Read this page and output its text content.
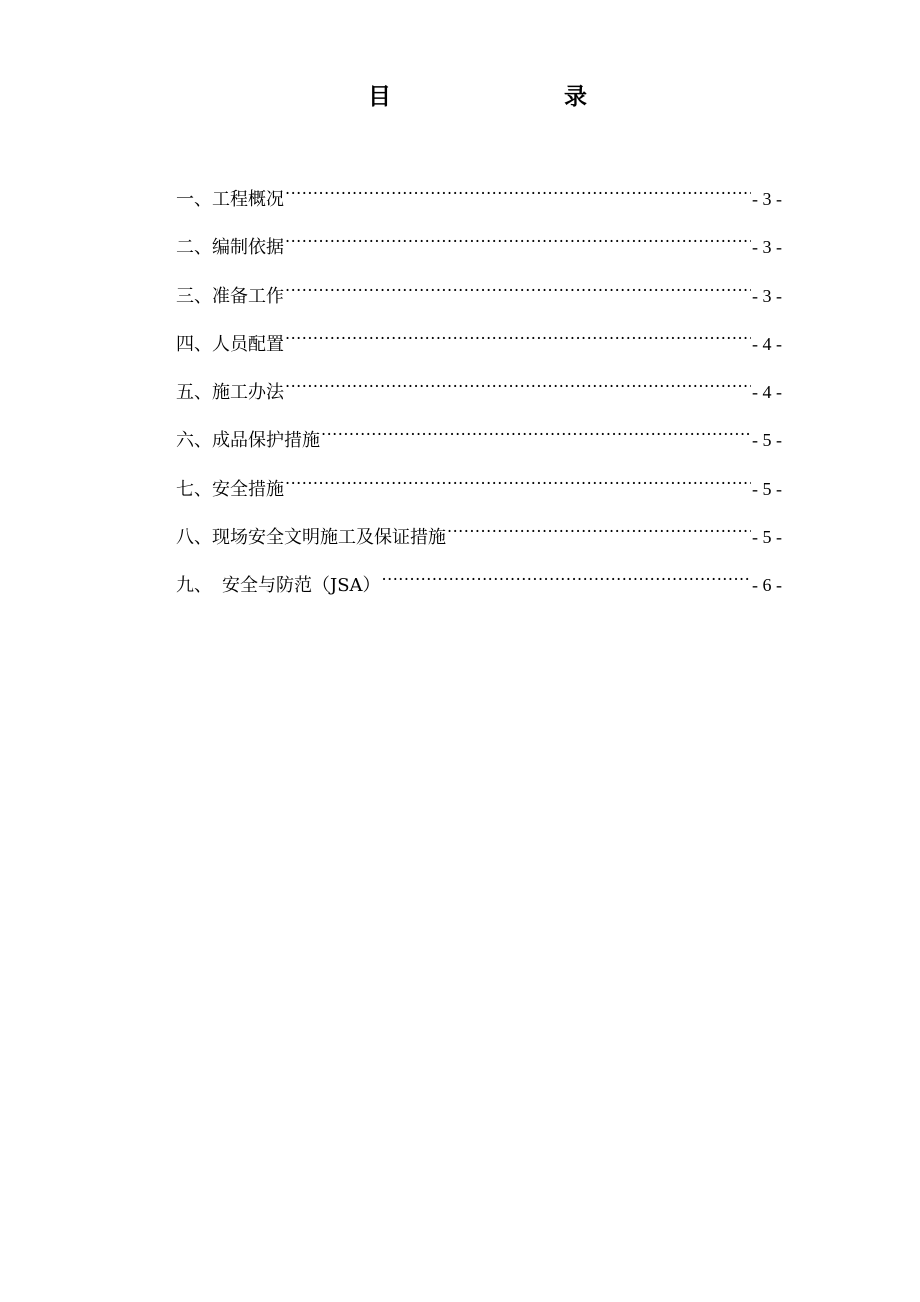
目	录
一、 工程概况 .....	- 3 -
二、 编制依据 .....	- 3 -
三、 准备工作 .....	- 3 -
四、 人员配置 .....	- 4 -
五、 施工办法 .....	- 4 -
六、 成品保护措施 .....	- 5 -
七、 安全措施 .....	- 5 -
八、 现场安全文明施工及保证措施 .....	- 5 -
九、 安全与防范（JSA） .....	- 6 -
